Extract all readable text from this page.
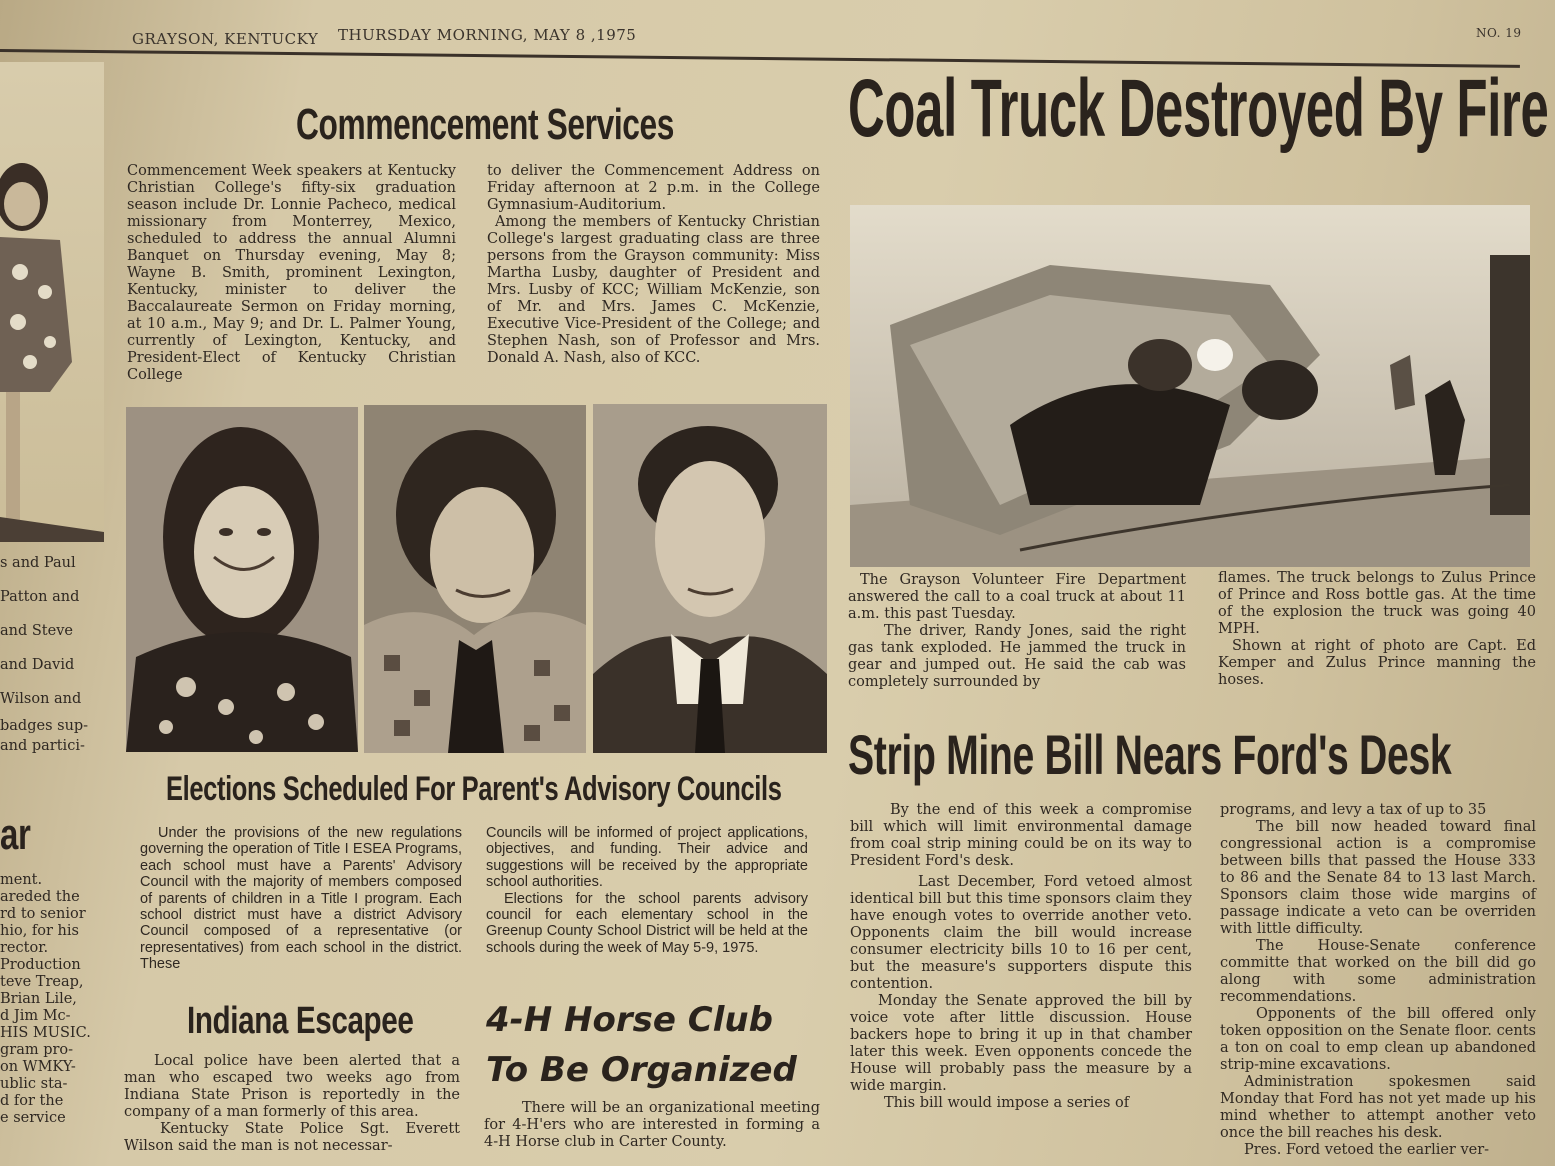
GRAYSON, KENTUCKY THURSDAY MORNING, MAY 8 ,1975	NO. 19
s and Paul
Patton and
and Steve
and David
Wilson and
badges sup-
and partici-
ar
ment.
areded the
rd to senior
hio, for his
rector.
Production
teve Treap,
Brian Lile,
d Jim Mc-
HIS MUSIC.
gram pro-
on WMKY-
ublic sta-
d for the
e service
Commencement Services
Commencement Week speakers at Kentucky Christian College's fifty-six graduation season include Dr. Lonnie Pacheco, medical missionary from Monterrey, Mexico, scheduled to address the annual Alumni Banquet on Thursday evening, May 8; Wayne B. Smith, prominent Lexington, Kentucky, minister to deliver the Baccalaureate Sermon on Friday morning, at 10 a.m., May 9; and Dr. L. Palmer Young, currently of Lexington, Kentucky, and President-Elect of Kentucky Christian College
to deliver the Commencement Address on Friday afternoon at 2 p.m. in the College Gymnasium-Auditorium.
Among the members of Kentucky Christian College's largest graduating class are three persons from the Grayson community: Miss Martha Lusby, daughter of President and Mrs. Lusby of KCC; William McKenzie, son of Mr. and Mrs. James C. McKenzie, Executive Vice-President of the College; and Stephen Nash, son of Professor and Mrs. Donald A. Nash, also of KCC.
Elections Scheduled For Parent's Advisory Councils
Under the provisions of the new regulations governing the operation of Title I ESEA Programs, each school must have a Parents' Advisory Council with the majority of members composed of parents of children in a Title I program. Each school district must have a district Advisory Council composed of a representative (or representatives) from each school in the district. These
Councils will be informed of project applications, objectives, and funding. Their advice and suggestions will be received by the appropriate school authorities.
Elections for the school parents advisory council for each elementary school in the Greenup County School District will be held at the schools during the week of May 5-9, 1975.
Indiana Escapee
Local police have been alerted that a man who escaped two weeks ago from Indiana State Prison is reportedly in the company of a man formerly of this area.
Kentucky State Police Sgt. Everett Wilson said the man is not necessar-
4-H Horse Club
To Be Organized
There will be an organizational meeting for 4-H'ers who are interested in forming a 4-H Horse club in Carter County.
Coal Truck Destroyed By Fire
The Grayson Volunteer Fire Department answered the call to a coal truck at about 11 a.m. this past Tuesday.
The driver, Randy Jones, said the right gas tank exploded. He jammed the truck in gear and jumped out. He said the cab was completely surrounded by
flames. The truck belongs to Zulus Prince of Prince and Ross bottle gas. At the time of the explosion the truck was going 40 MPH.
Shown at right of photo are Capt. Ed Kemper and Zulus Prince manning the hoses.
Strip Mine Bill Nears Ford's Desk
By the end of this week a compromise bill which will limit environmental damage from coal strip mining could be on its way to President Ford's desk.
Last December, Ford vetoed almost identical bill but this time sponsors claim they have enough votes to override another veto. Opponents claim the bill would increase consumer electricity bills 10 to 16 per cent, but the measure's supporters dispute this contention.
Monday the Senate approved the bill by voice vote after little discussion. House backers hope to bring it up in that chamber later this week. Even opponents concede the House will probably pass the measure by a wide margin.
This bill would impose a series of
programs, and levy a tax of up to 35
The bill now headed toward final congressional action is a compromise between bills that passed the House 333 to 86 and the Senate 84 to 13 last March. Sponsors claim those wide margins of passage indicate a veto can be overriden with little difficulty.
The House-Senate conference committe that worked on the bill did go along with some administration recommendations.
Opponents of the bill offered only token opposition on the Senate floor. cents a ton on coal to emp clean up abandoned strip-mine excavations.
Administration spokesmen said Monday that Ford has not yet made up his mind whether to attempt another veto once the bill reaches his desk.
Pres. Ford vetoed the earlier ver-
